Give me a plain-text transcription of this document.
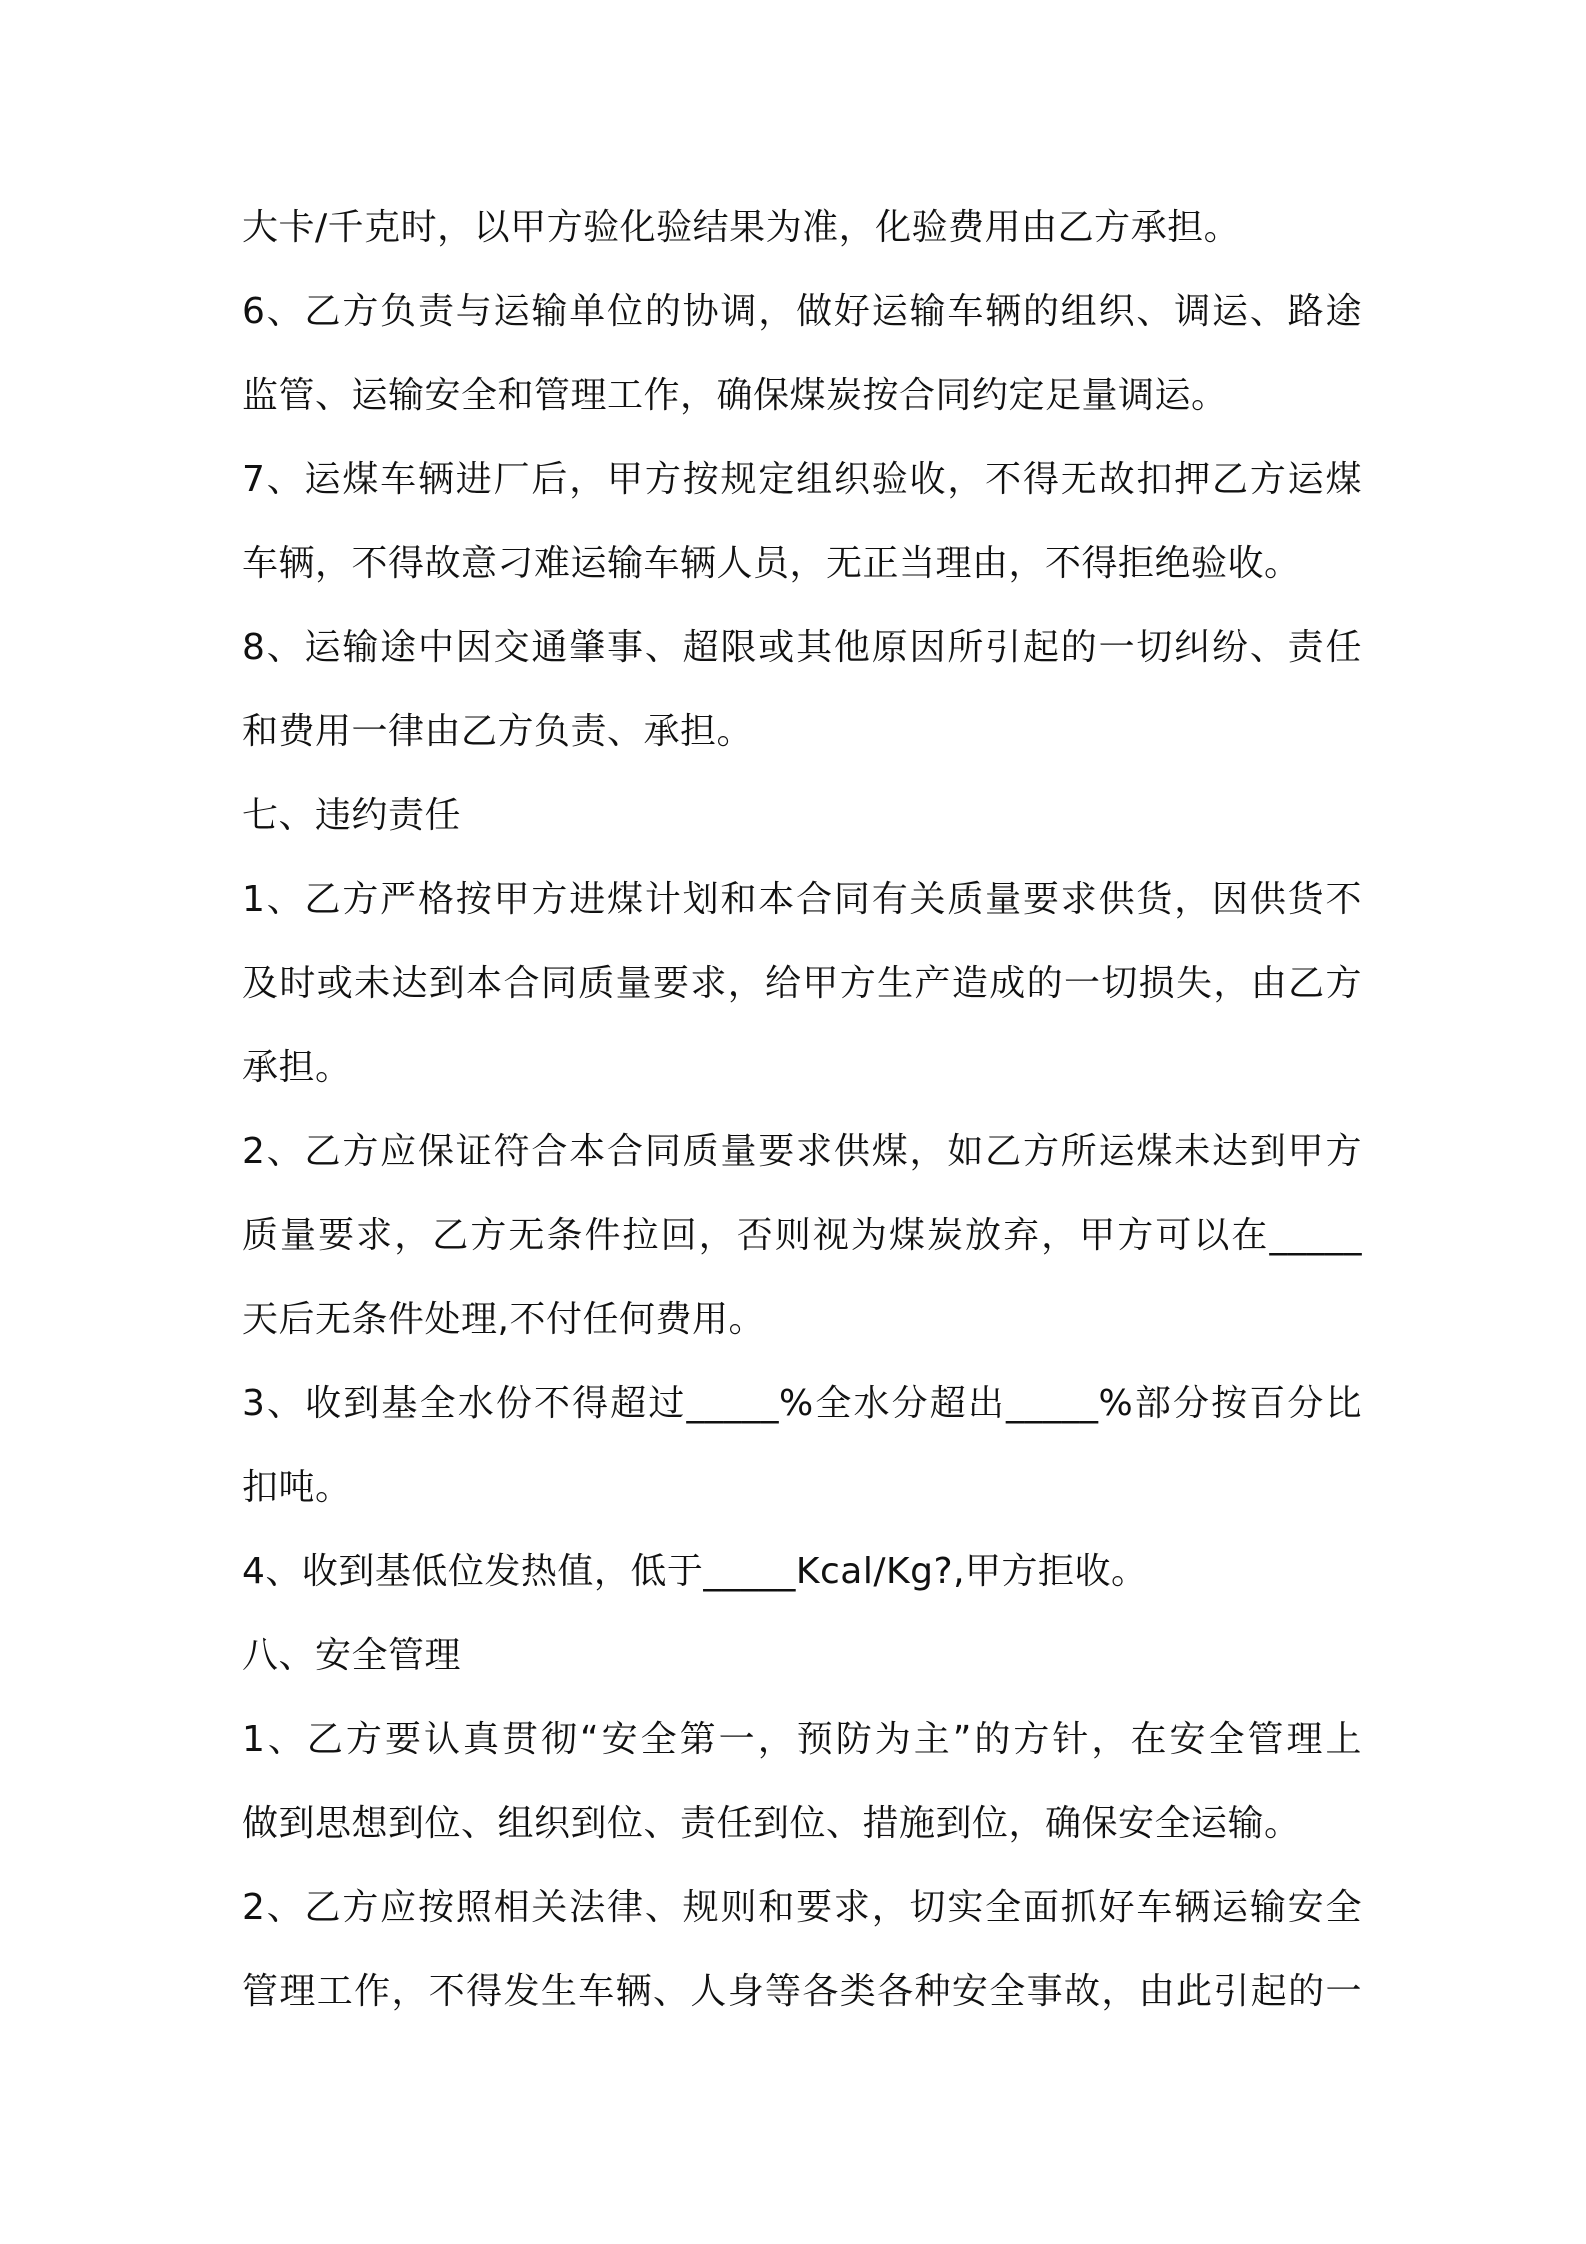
大卡/千克时，以甲方验化验结果为准，化验费用由乙方承担。
6、乙方负责与运输单位的协调，做好运输车辆的组织、调运、路途
监管、运输安全和管理工作，确保煤炭按合同约定足量调运。
7、运煤车辆进厂后，甲方按规定组织验收，不得无故扣押乙方运煤
车辆，不得故意刁难运输车辆人员，无正当理由，不得拒绝验收。
8、运输途中因交通肇事、超限或其他原因所引起的一切纠纷、责任
和费用一律由乙方负责、承担。
七、违约责任
1、乙方严格按甲方进煤计划和本合同有关质量要求供货，因供货不
及时或未达到本合同质量要求，给甲方生产造成的一切损失，由乙方
承担。
2、乙方应保证符合本合同质量要求供煤，如乙方所运煤未达到甲方
质量要求，乙方无条件拉回，否则视为煤炭放弃，甲方可以在_____
天后无条件处理,不付任何费用。
3、收到基全水份不得超过_____%全水分超出_____%部分按百分比
扣吨。
4、收到基低位发热值，低于_____Kcal/Kg?,甲方拒收。
八、安全管理
1、乙方要认真贯彻“安全第一，预防为主”的方针，在安全管理上
做到思想到位、组织到位、责任到位、措施到位，确保安全运输。
2、乙方应按照相关法律、规则和要求，切实全面抓好车辆运输安全
管理工作，不得发生车辆、人身等各类各种安全事故，由此引起的一
